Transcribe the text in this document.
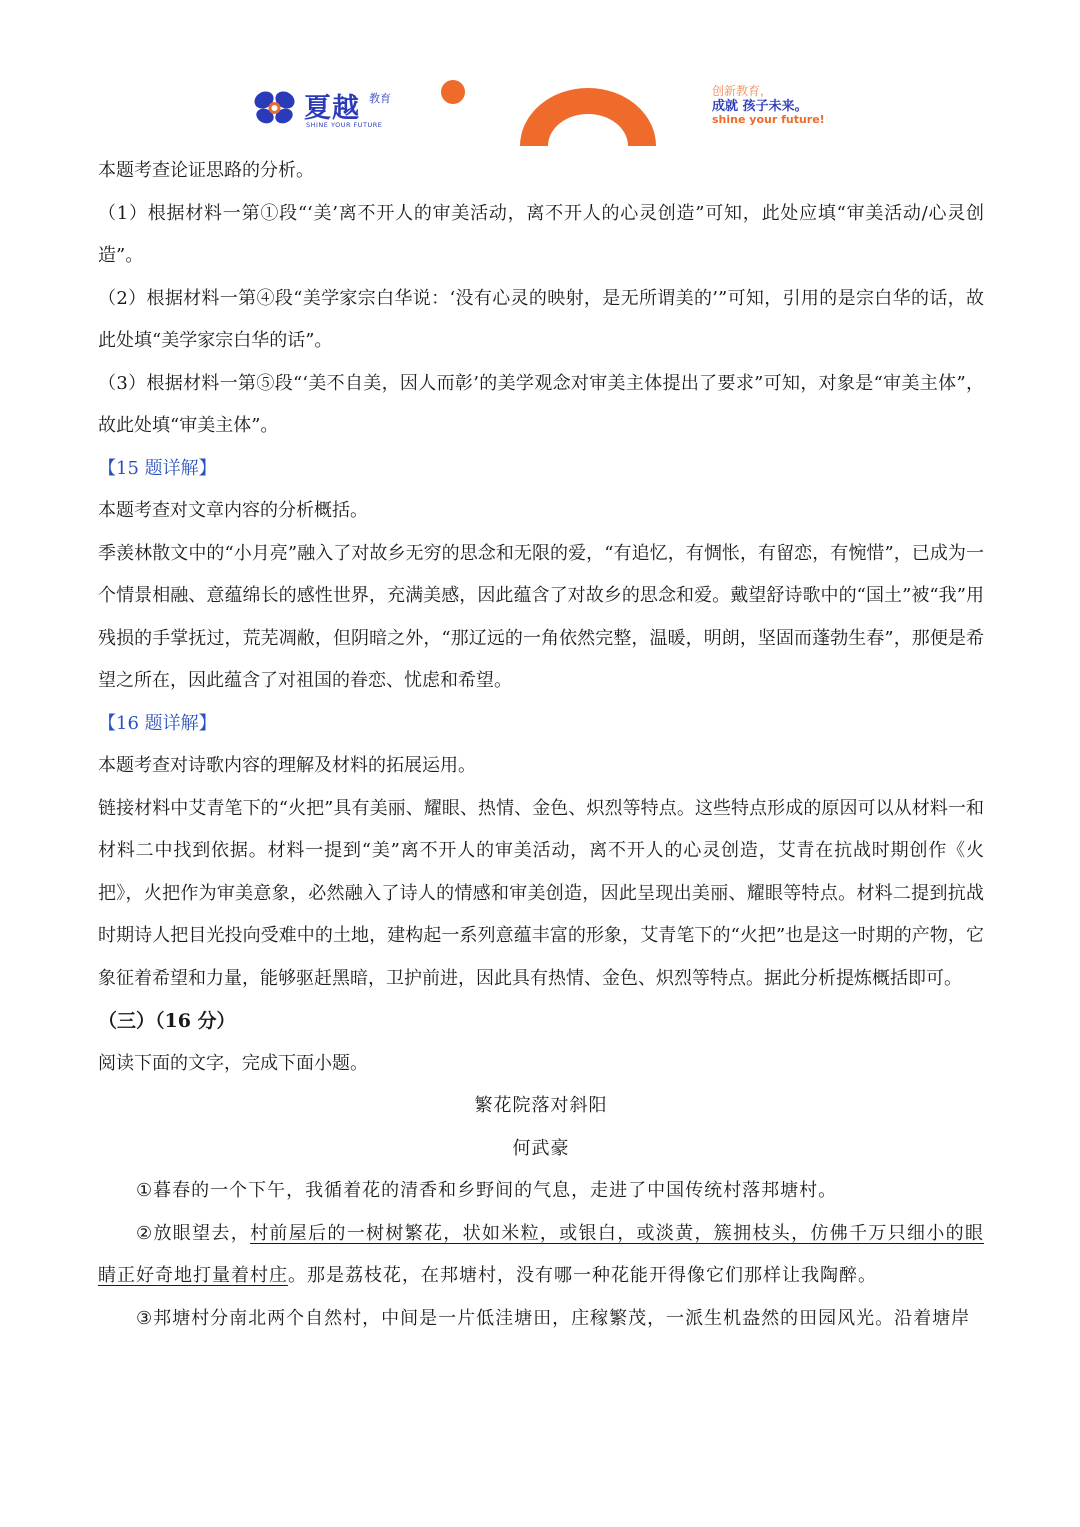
夏越 教育
SHINE YOUR FUTURE
创新教育，
成就 孩子未来。
shine your future!

本题考查论证思路的分析。

（1）根据材料一第①段“‘美’离不开人的审美活动，离不开人的心灵创造”可知，此处应填“审美活动/心灵创造”。

（2）根据材料一第④段“美学家宗白华说：‘没有心灵的映射，是无所谓美的’”可知，引用的是宗白华的话，故此处填“美学家宗白华的话”。

（3）根据材料一第⑤段“‘美不自美，因人而彰’的美学观念对审美主体提出了要求”可知，对象是“审美主体”，故此处填“审美主体”。

【15 题详解】

本题考查对文章内容的分析概括。

季羡林散文中的“小月亮”融入了对故乡无穷的思念和无限的爱，“有追忆，有惆怅，有留恋，有惋惜”，已成为一个情景相融、意蕴绵长的感性世界，充满美感，因此蕴含了对故乡的思念和爱。戴望舒诗歌中的“国土”被“我”用残损的手掌抚过，荒芜凋敝，但阴暗之外，“那辽远的一角依然完整，温暖，明朗，坚固而蓬勃生春”，那便是希望之所在，因此蕴含了对祖国的眷恋、忧虑和希望。

【16 题详解】

本题考查对诗歌内容的理解及材料的拓展运用。

链接材料中艾青笔下的“火把”具有美丽、耀眼、热情、金色、炽烈等特点。这些特点形成的原因可以从材料一和材料二中找到依据。材料一提到“美”离不开人的审美活动，离不开人的心灵创造，艾青在抗战时期创作《火把》，火把作为审美意象，必然融入了诗人的情感和审美创造，因此呈现出美丽、耀眼等特点。材料二提到抗战时期诗人把目光投向受难中的土地，建构起一系列意蕴丰富的形象，艾青笔下的“火把”也是这一时期的产物，它象征着希望和力量，能够驱赶黑暗，卫护前进，因此具有热情、金色、炽烈等特点。据此分析提炼概括即可。

（三）（16 分）

阅读下面的文字，完成下面小题。

繁花院落对斜阳

何武豪

①暮春的一个下午，我循着花的清香和乡野间的气息，走进了中国传统村落邦塘村。

②放眼望去，村前屋后的一树树繁花，状如米粒，或银白，或淡黄，簇拥枝头，仿佛千万只细小的眼睛正好奇地打量着村庄。那是荔枝花，在邦塘村，没有哪一种花能开得像它们那样让我陶醉。

③邦塘村分南北两个自然村，中间是一片低洼塘田，庄稼繁茂，一派生机盎然的田园风光。沿着塘岸
